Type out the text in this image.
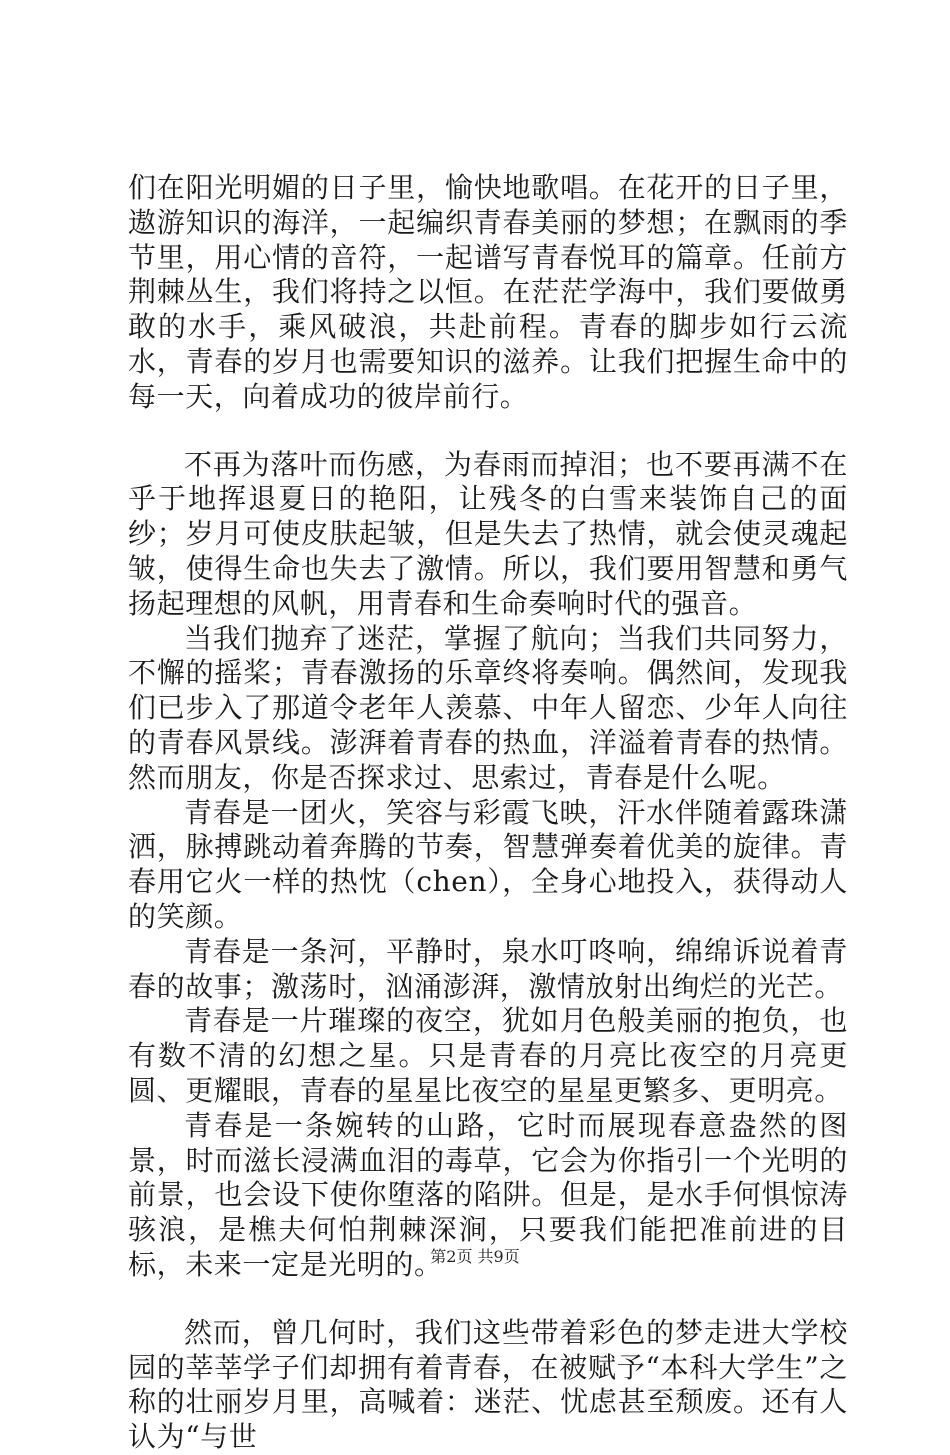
们在阳光明媚的日子里，愉快地歌唱。在花开的日子里，遨游知识的海洋，一起编织青春美丽的梦想；在飘雨的季节里，用心情的音符，一起谱写青春悦耳的篇章。任前方荆棘丛生，我们将持之以恒。在茫茫学海中，我们要做勇敢的水手，乘风破浪，共赴前程。青春的脚步如行云流水，青春的岁月也需要知识的滋养。让我们把握生命中的每一天，向着成功的彼岸前行。

不再为落叶而伤感，为春雨而掉泪；也不要再满不在乎于地挥退夏日的艳阳，让残冬的白雪来装饰自己的面纱；岁月可使皮肤起皱，但是失去了热情，就会使灵魂起皱，使得生命也失去了激情。所以，我们要用智慧和勇气扬起理想的风帆，用青春和生命奏响时代的强音。

当我们抛弃了迷茫，掌握了航向；当我们共同努力，不懈的摇桨；青春激扬的乐章终将奏响。偶然间，发现我们已步入了那道令老年人羡慕、中年人留恋、少年人向往的青春风景线。澎湃着青春的热血，洋溢着青春的热情。然而朋友，你是否探求过、思索过，青春是什么呢。

青春是一团火，笑容与彩霞飞映，汗水伴随着露珠潇洒，脉搏跳动着奔腾的节奏，智慧弹奏着优美的旋律。青春用它火一样的热忱（chen），全身心地投入，获得动人的笑颜。

青春是一条河，平静时，泉水叮咚响，绵绵诉说着青春的故事；激荡时，汹涌澎湃，激情放射出绚烂的光芒。

青春是一片璀璨的夜空，犹如月色般美丽的抱负，也有数不清的幻想之星。只是青春的月亮比夜空的月亮更圆、更耀眼，青春的星星比夜空的星星更繁多、更明亮。

青春是一条婉转的山路，它时而展现春意盎然的图景，时而滋长浸满血泪的毒草，它会为你指引一个光明的前景，也会设下使你堕落的陷阱。但是，是水手何惧惊涛骇浪，是樵夫何怕荆棘深涧，只要我们能把准前进的目标，未来一定是光明的。

然而，曾几何时，我们这些带着彩色的梦走进大学校园的莘莘学子们却拥有着青春，在被赋予“本科大学生”之称的壮丽岁月里，高喊着：迷茫、忧虑甚至颓废。还有人认为“与世

第2页 共9页
